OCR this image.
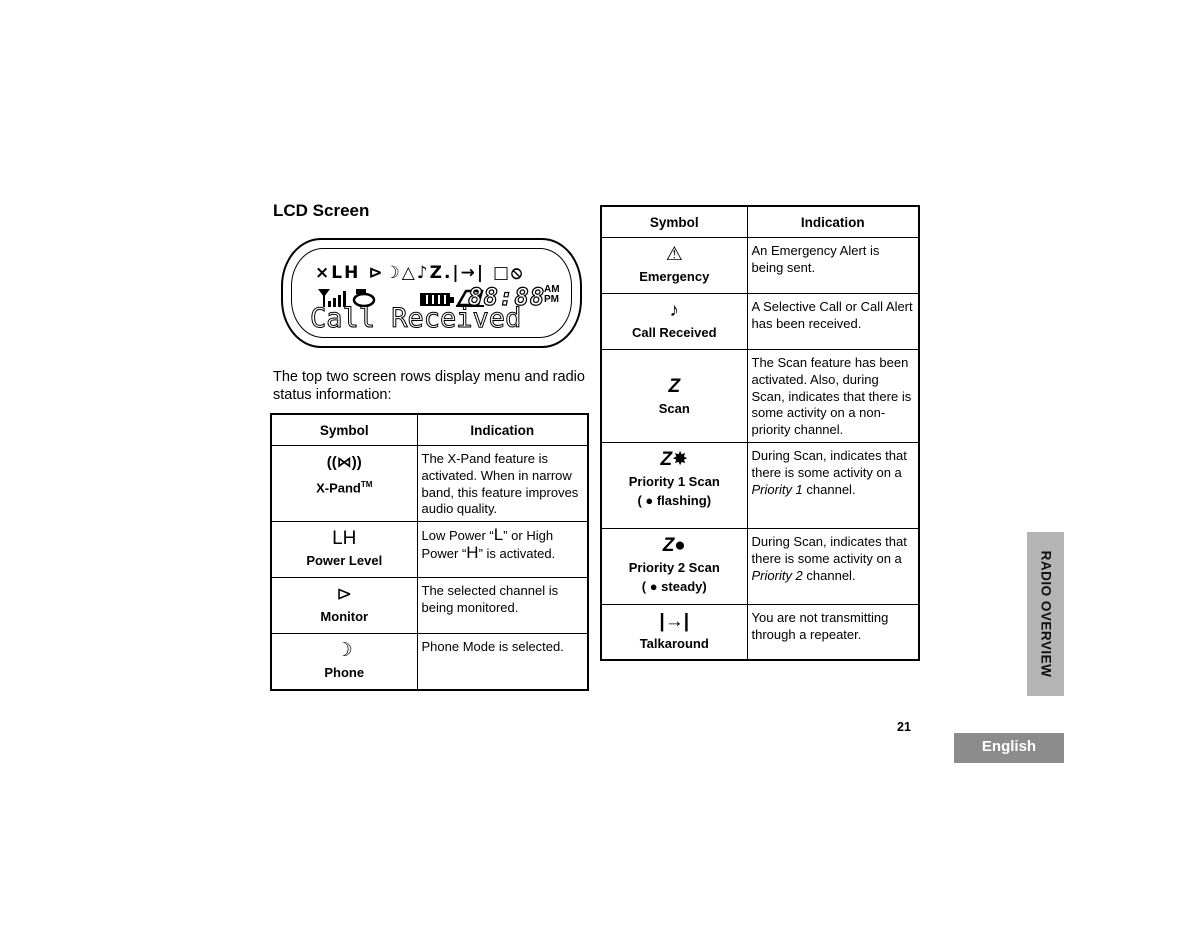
LCD Screen
⨯LH ⊳☽△♪Z.|→| □⦸
88:88
AM
PM
Call Received

The top two screen rows display menu and radio status information:

Symbol	Indication

((⋈))
X-Pand™	The X-Pand feature is activated. When in narrow band, this feature improves audio quality.

LH
Power Level	Low Power “L” or High Power “H” is activated.

⊳
Monitor	The selected channel is being monitored.

☽
Phone	Phone Mode is selected.
Symbol	Indication

⚠
Emergency	An Emergency Alert is being sent.

♪
Call Received	A Selective Call or Call Alert has been received.

Z
Scan	The Scan feature has been activated. Also, during Scan, indicates that there is some activity on a non-priority channel.

Z✸
Priority 1 Scan
( ● flashing)	During Scan, indicates that there is some activity on a Priority 1 channel.

Z●
Priority 2 Scan
( ● steady)	During Scan, indicates that there is some activity on a Priority 2 channel.

|→|
Talkaround	You are not transmitting through a repeater.	RADIO OVERVIEW
21
English
